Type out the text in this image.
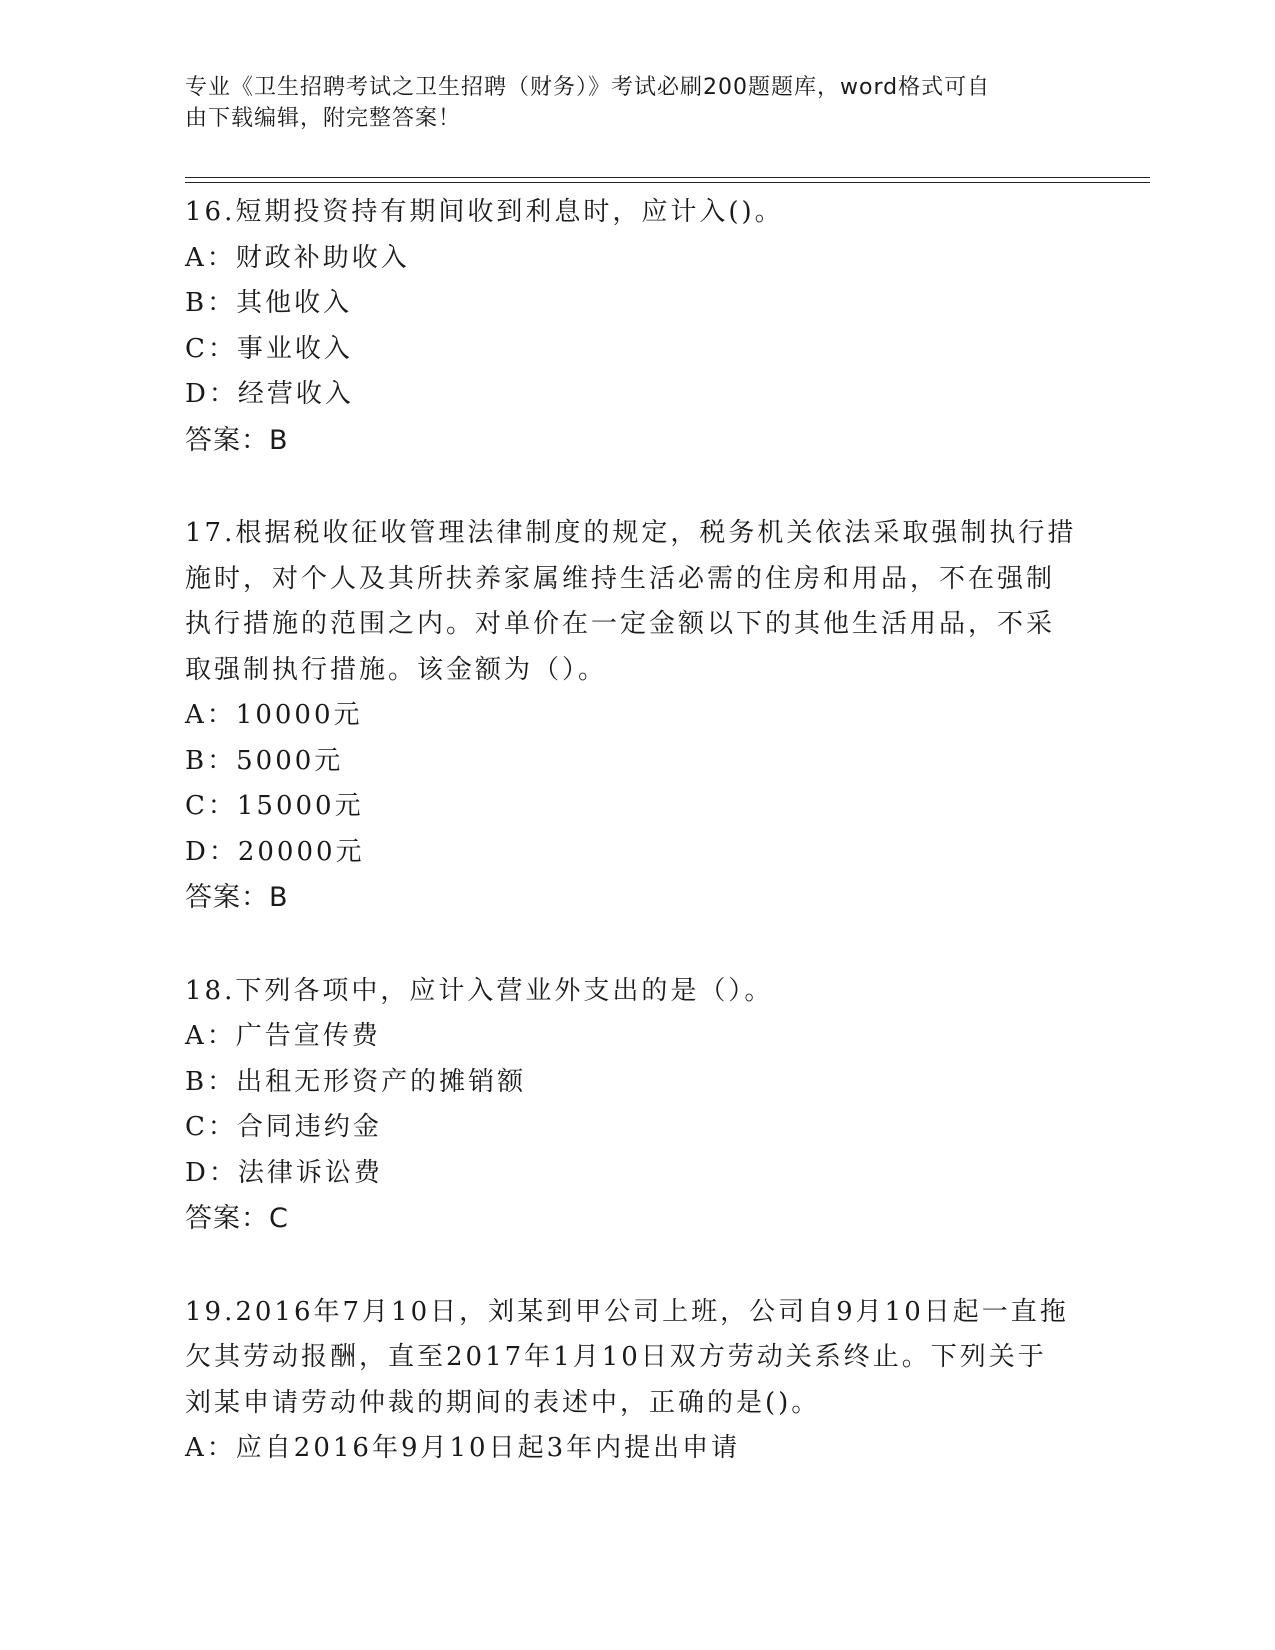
专业《卫生招聘考试之卫生招聘（财务）》考试必刷200题题库，word格式可自
由下载编辑，附完整答案！
16.短期投资持有期间收到利息时，应计入()。
A：财政补助收入
B：其他收入
C：事业收入
D：经营收入
答案：B
17.根据税收征收管理法律制度的规定，税务机关依法采取强制执行措
施时，对个人及其所扶养家属维持生活必需的住房和用品，不在强制
执行措施的范围之内。对单价在一定金额以下的其他生活用品，不采
取强制执行措施。该金额为（）。
A：10000元
B：5000元
C：15000元
D：20000元
答案：B
18.下列各项中，应计入营业外支出的是（）。
A：广告宣传费
B：出租无形资产的摊销额
C：合同违约金
D：法律诉讼费
答案：C
19.2016年7月10日，刘某到甲公司上班，公司自9月10日起一直拖
欠其劳动报酬，直至2017年1月10日双方劳动关系终止。下列关于
刘某申请劳动仲裁的期间的表述中，正确的是()。
A：应自2016年9月10日起3年内提出申请
